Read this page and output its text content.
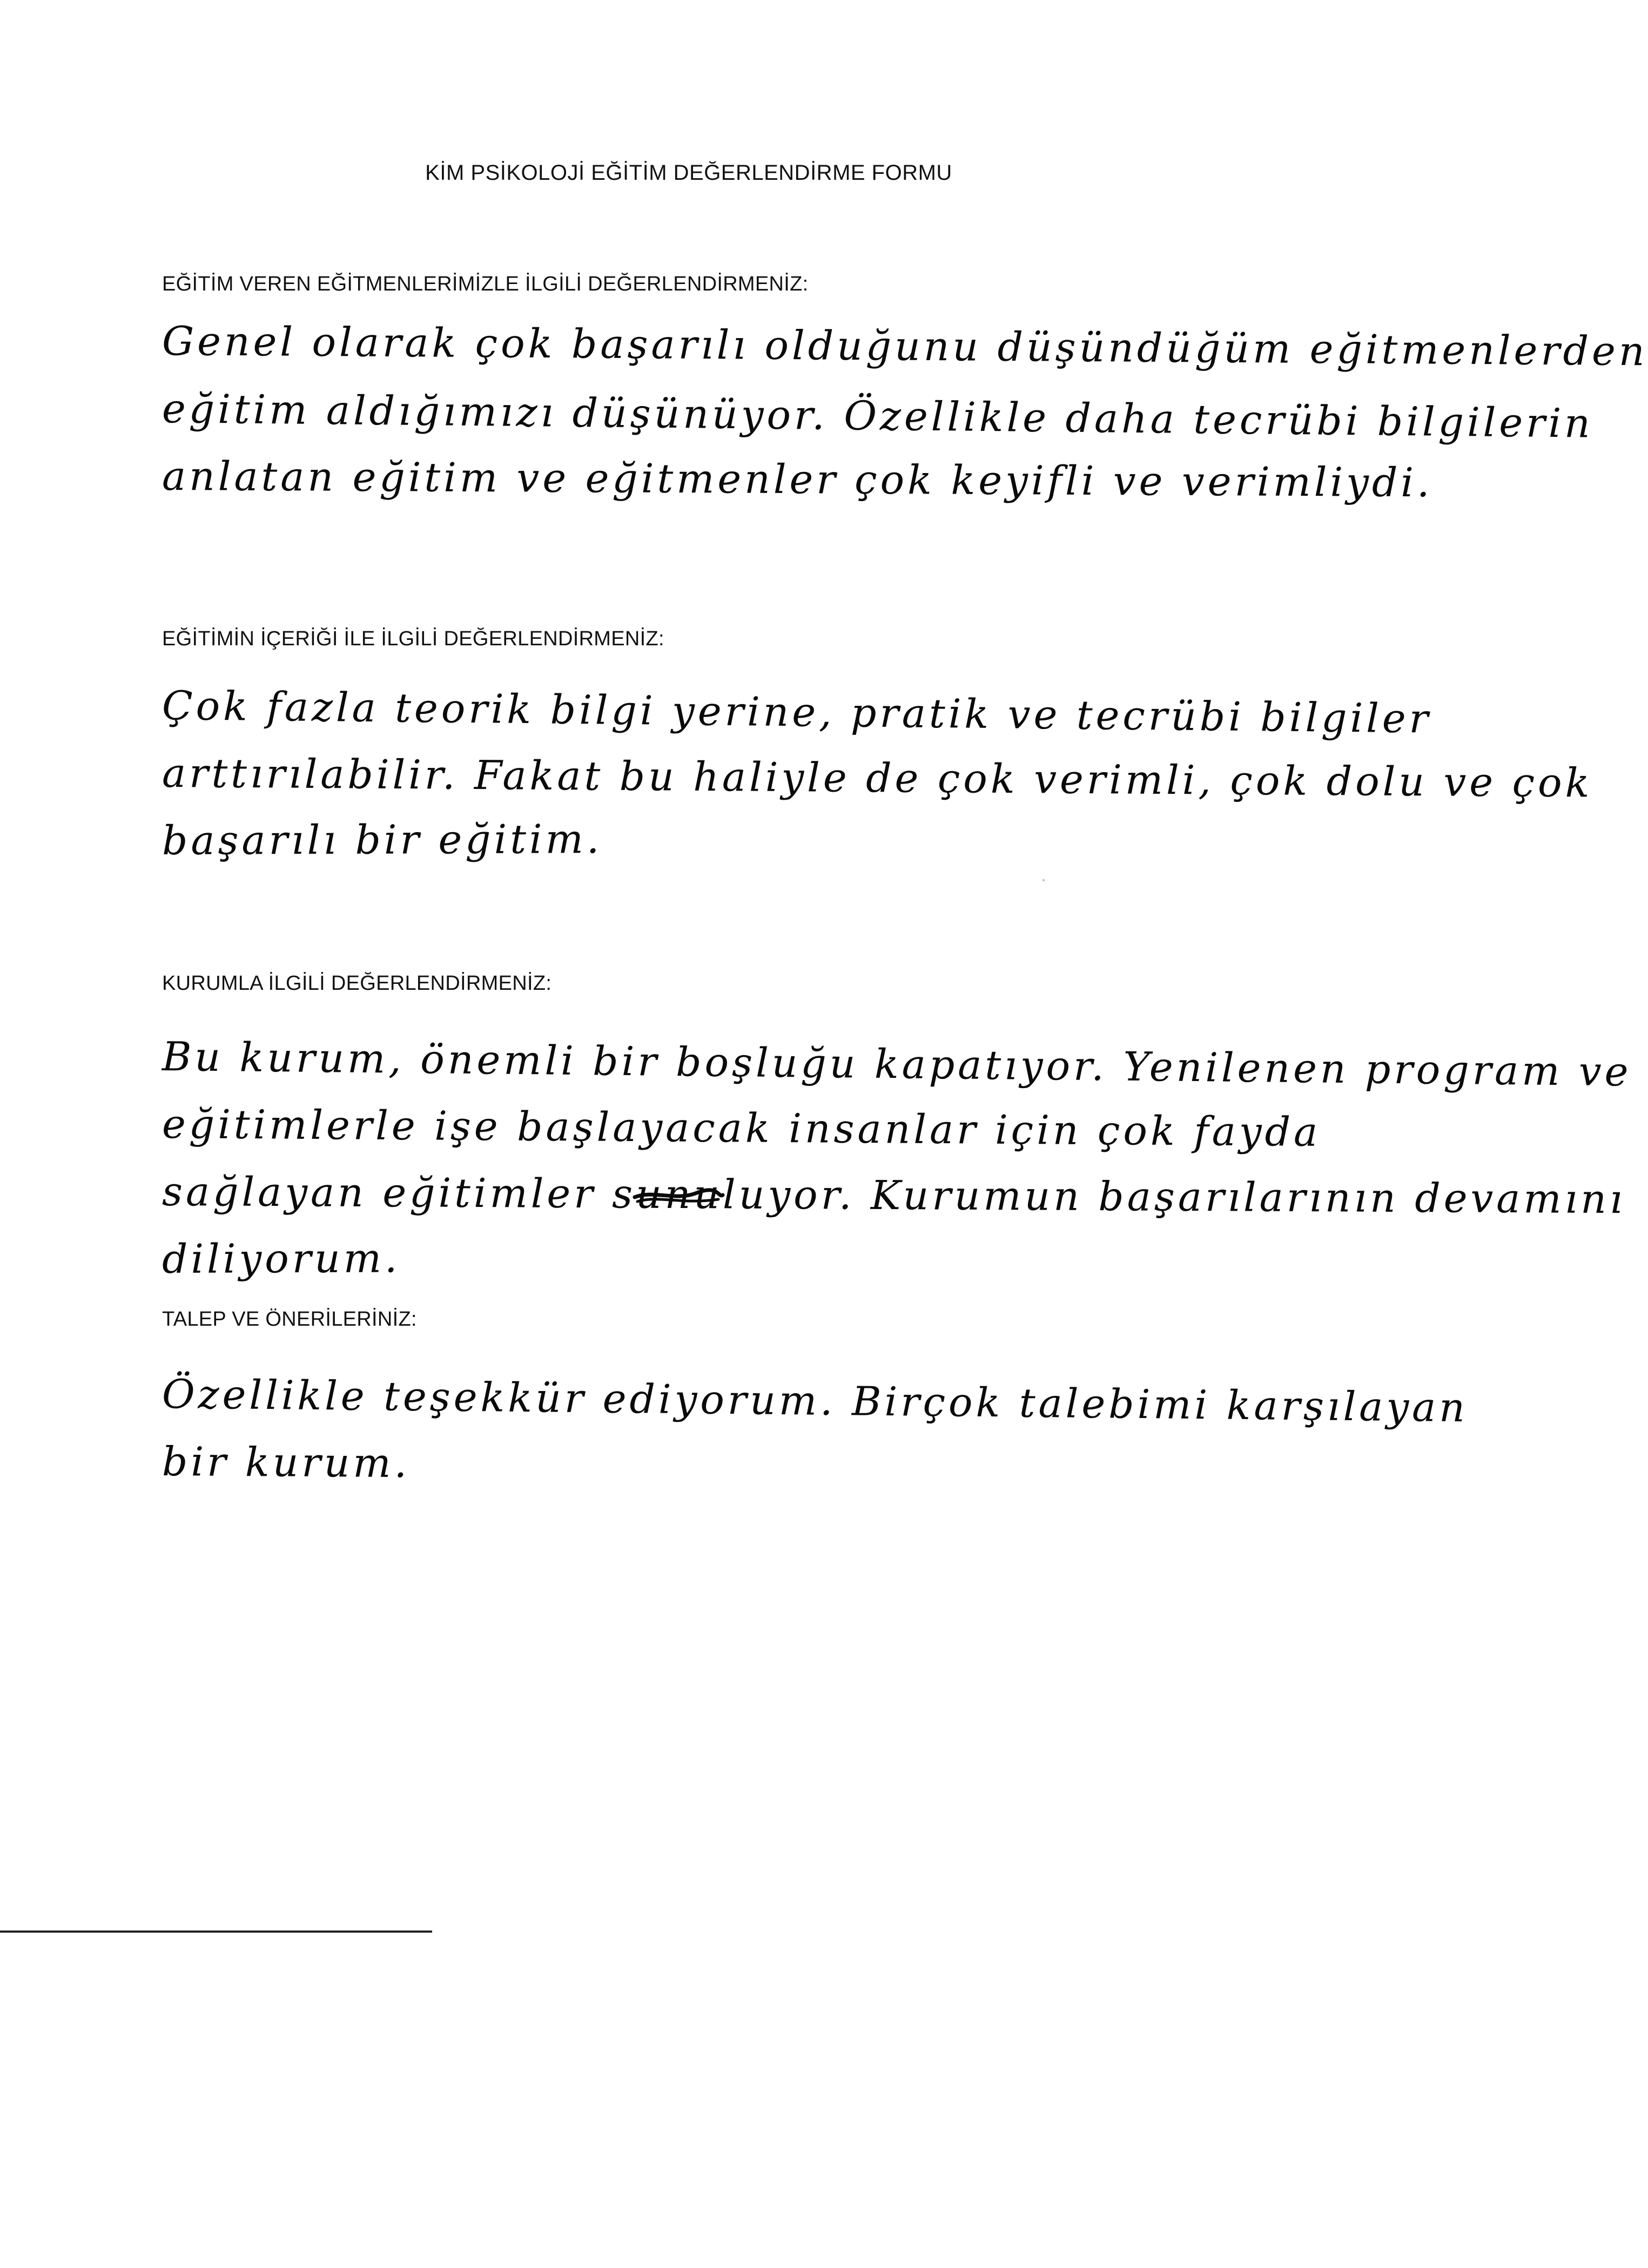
KİM PSİKOLOJİ EĞİTİM DEĞERLENDİRME FORMU
EĞİTİM VEREN EĞİTMENLERİMİZLE İLGİLİ DEĞERLENDİRMENİZ:
Genel olarak çok başarılı olduğunu düşündüğüm eğitmenlerden
eğitim aldığımızı düşünüyor. Özellikle daha tecrübi bilgilerin
anlatan eğitim ve eğitmenler çok keyifli ve verimliydi.
EĞİTİMİN İÇERİĞİ İLE İLGİLİ DEĞERLENDİRMENİZ:
Çok fazla teorik bilgi yerine, pratik ve tecrübi bilgiler
arttırılabilir. Fakat bu haliyle de çok verimli, çok dolu ve çok
başarılı bir eğitim.
KURUMLA İLGİLİ DEĞERLENDİRMENİZ:
Bu kurum, önemli bir boşluğu kapatıyor. Yenilenen program ve
eğitimlerle işe başlayacak insanlar için çok fayda
sağlayan eğitimler sunuluyor. Kurumun başarılarının devamını
diliyorum.
TALEP VE ÖNERİLERİNİZ:
Özellikle teşekkür ediyorum. Birçok talebimi karşılayan
bir kurum.
